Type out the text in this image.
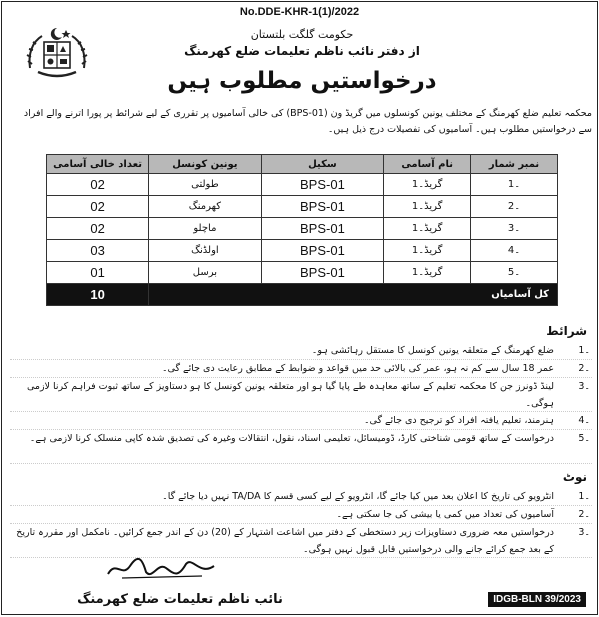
No.DDE-KHR-1(1)/2022
حکومت گلگت بلتستان
از دفتر نائب ناظم تعلیمات ضلع کھرمنگ
درخواستیں مطلوب ہیں
محکمہ تعلیم ضلع کھرمنگ کے مختلف یونین کونسلوں میں گریڈ ون (BPS-01) کی خالی آسامیوں پر تقرری کے لیے شرائط پر پورا اترنے والے افراد سے درخواستیں مطلوب ہیں۔ آسامیوں کی تفصیلات درج ذیل ہیں۔
تعداد خالی آسامی	یونین کونسل	سکیل	نام آسامی	نمبر شمار
02	طولتی	BPS-01	گریڈ۔1	۔1
02	کھرمنگ	BPS-01	گریڈ۔1	۔2
02	ماچلو	BPS-01	گریڈ۔1	۔3
03	اولڈنگ	BPS-01	گریڈ۔1	۔4
01	برسل	BPS-01	گریڈ۔1	۔5
10	کل آسامیاں			
شرائط
۔1
ضلع کھرمنگ کے متعلقہ یونین کونسل کا مستقل رہائشی ہو۔
۔2
عمر 18 سال سے کم نہ ہو، عمر کی بالائی حد میں قواعد و ضوابط کے مطابق رعایت دی جائے گی۔
۔3
لینڈ ڈونرز جن کا محکمہ تعلیم کے ساتھ معاہدہ طے پایا گیا ہو اور متعلقہ یونین کونسل کا ہو دستاویز کے ساتھ ثبوت فراہم کرنا لازمی ہوگی۔
۔4
ہنرمند، تعلیم یافتہ افراد کو ترجیح دی جائے گی۔
۔5
درخواست کے ساتھ قومی شناختی کارڈ، ڈومیسائل، تعلیمی اسناد، نقول، انتقالات وغیرہ کی تصدیق شدہ کاپی منسلک کرنا لازمی ہے۔
نوٹ
۔1
انٹرویو کی تاریخ کا اعلان بعد میں کیا جائے گا، انٹرویو کے لیے کسی قسم کا TA/DA نہیں دیا جائے گا۔
۔2
آسامیوں کی تعداد میں کمی یا بیشی کی جا سکتی ہے۔
۔3
درخواستیں معہ ضروری دستاویزات زیر دستخطی کے دفتر میں اشاعت اشتہار کے (20) دن کے اندر جمع کرائیں۔ نامکمل اور مقررہ تاریخ کے بعد جمع کرائے جانے والی درخواستیں قابل قبول نہیں ہوگی۔
نائب ناظم تعلیمات ضلع کھرمنگ	IDGB-BLN 39/2023
